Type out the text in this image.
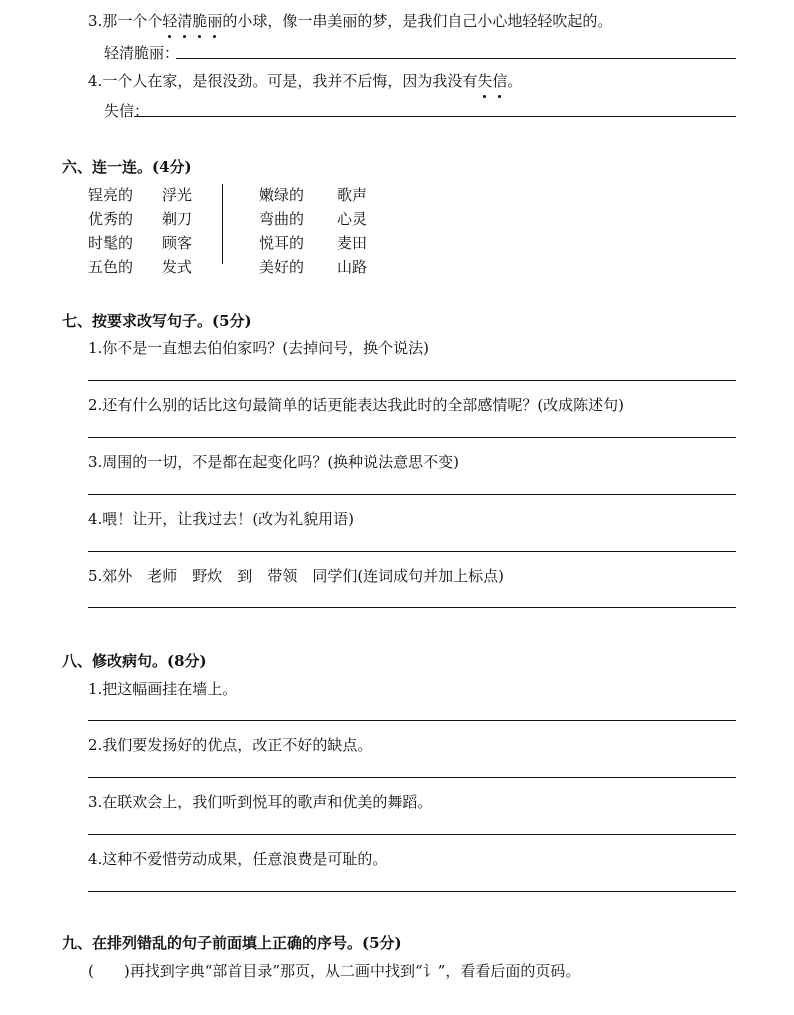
3.那一个个轻清脆丽的小球，像一串美丽的梦，是我们自己小心地轻轻吹起的。
轻清脆丽：
4.一个人在家，是很没劲。可是，我并不后悔，因为我没有失信。
失信：
六、连一连。(4分)
锃亮的 浮光
优秀的 剃刀
时髦的 顾客
五色的 发式
嫩绿的 歌声
弯曲的 心灵
悦耳的 麦田
美好的 山路
七、按要求改写句子。(5分)
1.你不是一直想去伯伯家吗？(去掉问号，换个说法)
2.还有什么别的话比这句最简单的话更能表达我此时的全部感情呢？(改成陈述句)
3.周围的一切，不是都在起变化吗？(换种说法意思不变)
4.喂！让开，让我过去！(改为礼貌用语)
5.郊外　老师　野炊　到　带领　同学们(连词成句并加上标点)
八、修改病句。(8分)
1.把这幅画挂在墙上。
2.我们要发扬好的优点，改正不好的缺点。
3.在联欢会上，我们听到悦耳的歌声和优美的舞蹈。
4.这种不爱惜劳动成果，任意浪费是可耻的。
九、在排列错乱的句子前面填上正确的序号。(5分)
(　　)再找到字典“部首目录”那页，从二画中找到“讠”，看看后面的页码。
